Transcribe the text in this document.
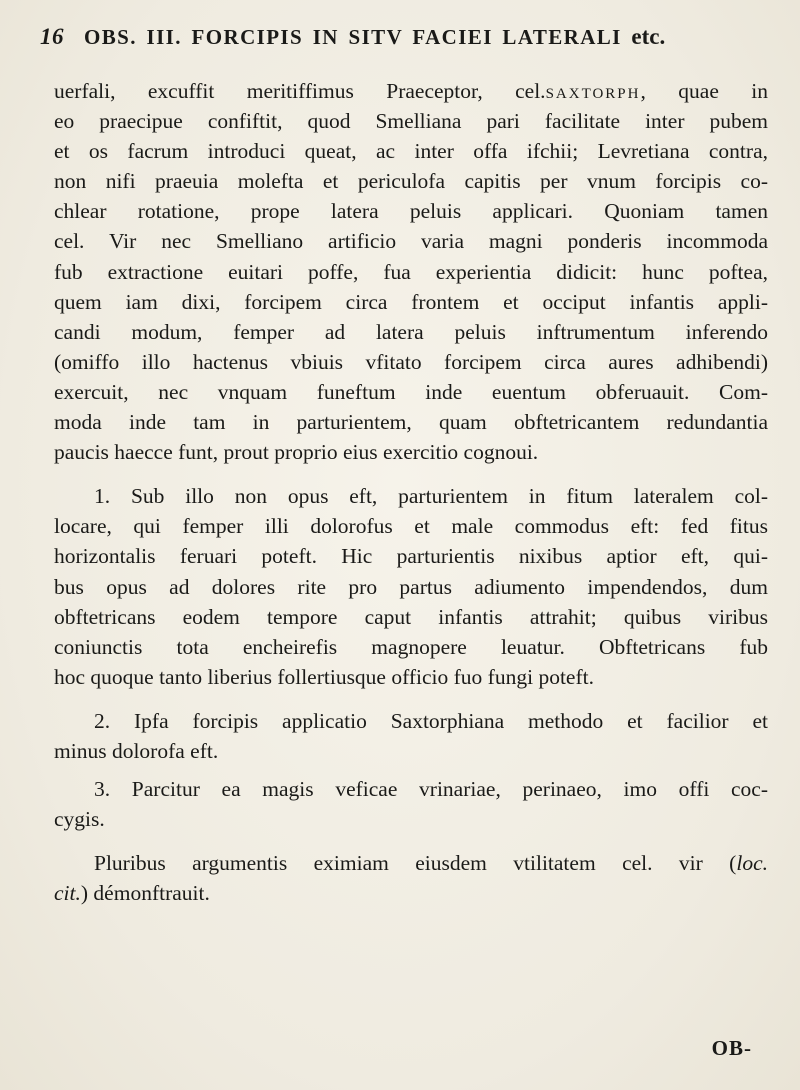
16 OBS. III. FORCIPIS IN SITV FACIEI LATERALI etc.
uerfali, excuffit meritiffimus Praeceptor, cel.SAXTORPH, quae in
eo praecipue confiftit, quod Smelliana pari facilitate inter pubem
et os facrum introduci queat, ac inter offa ifchii; Levretiana contra,
non nifi praeuia molefta et periculofa capitis per vnum forcipis co-
chlear rotatione, prope latera peluis applicari. Quoniam tamen
cel. Vir nec Smelliano artificio varia magni ponderis incommoda
fub extractione euitari poffe, fua experientia didicit: hunc poftea,
quem iam dixi, forcipem circa frontem et occiput infantis appli-
candi modum, femper ad latera peluis inftrumentum inferendo
(omiffo illo hactenus vbiuis vfitato forcipem circa aures adhibendi)
exercuit, nec vnquam funeftum inde euentum obferuauit. Com-
moda inde tam in parturientem, quam obftetricantem redundantia
paucis haecce funt, prout proprio eius exercitio cognoui.
1. Sub illo non opus eft, parturientem in fitum lateralem col-
locare, qui femper illi dolorofus et male commodus eft: fed fitus
horizontalis feruari poteft. Hic parturientis nixibus aptior eft, qui-
bus opus ad dolores rite pro partus adiumento impendendos, dum
obftetricans eodem tempore caput infantis attrahit; quibus viribus
coniunctis tota encheirefis magnopere leuatur. Obftetricans fub
hoc quoque tanto liberius follertiusque officio fuo fungi poteft.
2. Ipfa forcipis applicatio Saxtorphiana methodo et facilior et
minus dolorofa eft.
3. Parcitur ea magis veficae vrinariae, perinaeo, imo offi coc-
cygis.
Pluribus argumentis eximiam eiusdem vtilitatem cel. vir (loc.
cit.) démonftrauit.
OB-
